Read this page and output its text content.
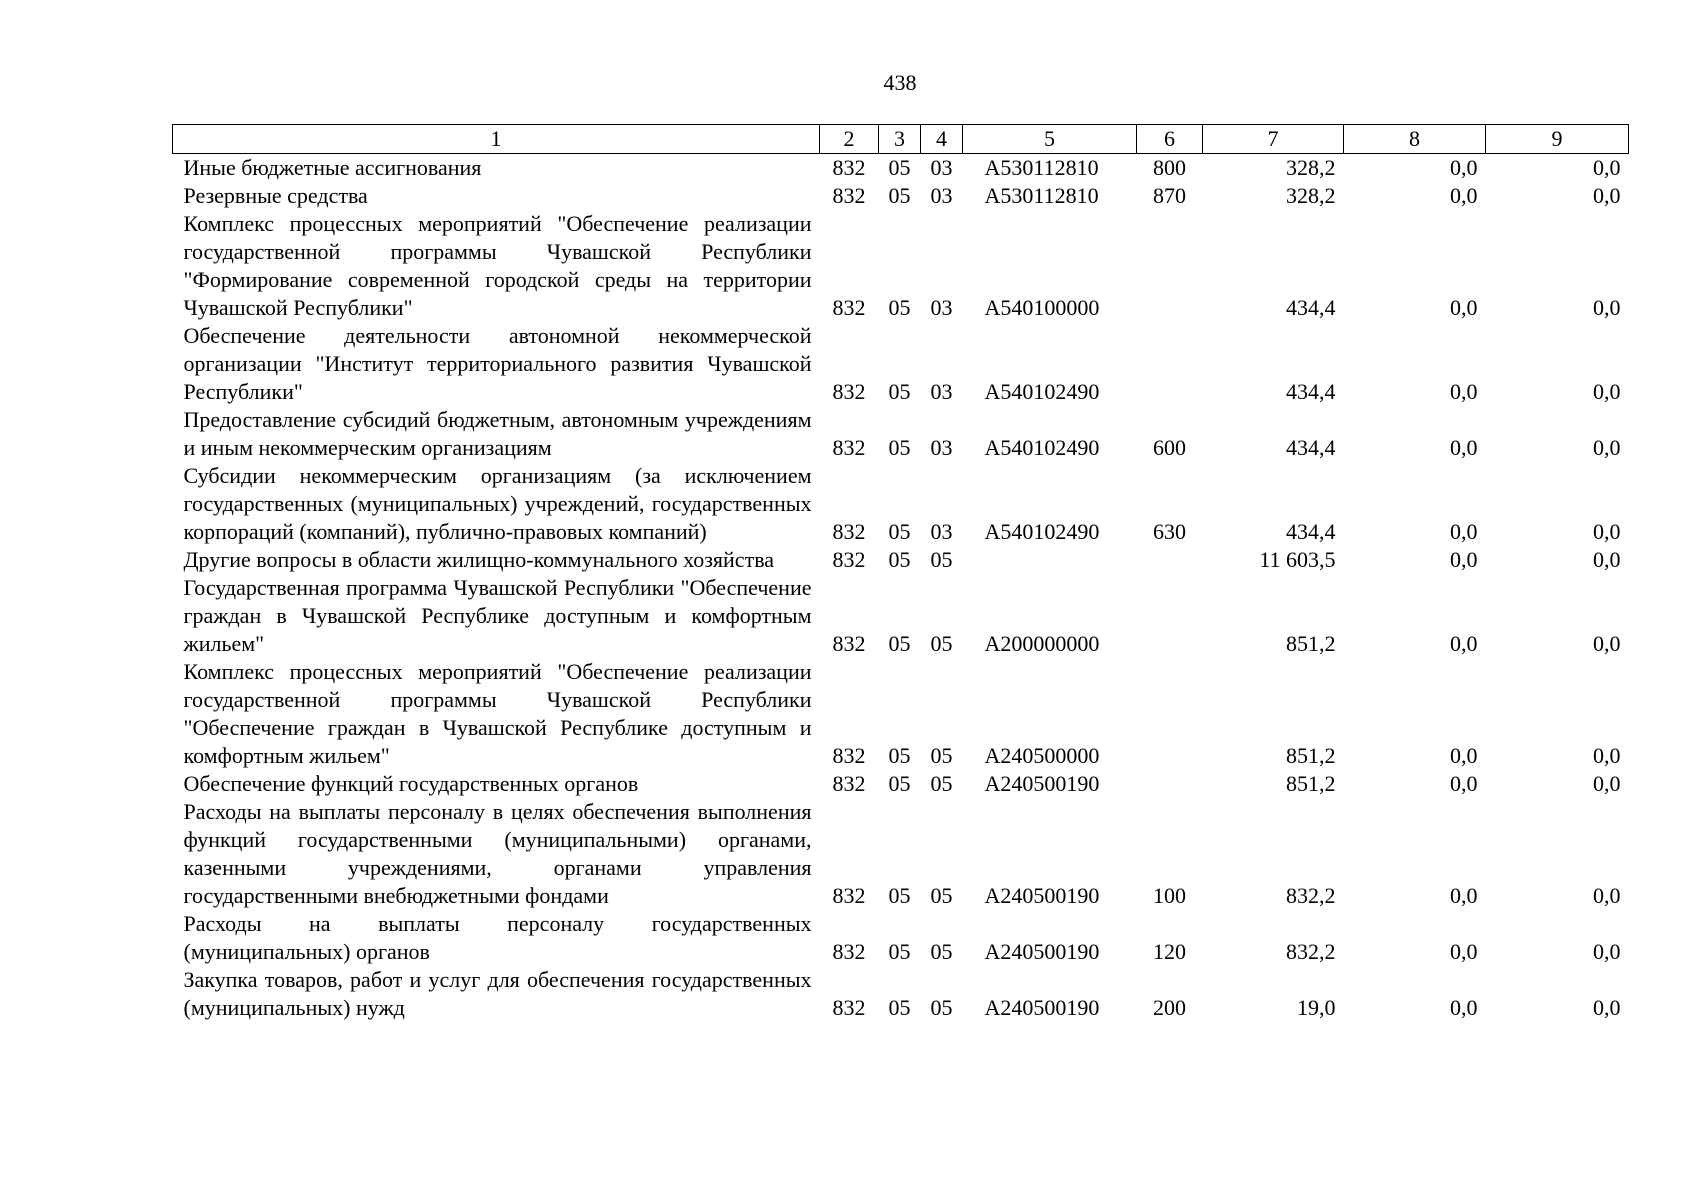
438
1	2	3	4	5	6	7	8	9
Иные бюджетные ассигнования	832	05	03	А530112810	800	328,2	0,0	0,0
Резервные средства	832	05	03	А530112810	870	328,2	0,0	0,0
Комплекс процессных мероприятий "Обеспечение реализации государственной программы Чувашской Республики "Формирование современной городской среды на территории Чувашской Республики"	832	05	03	А540100000		434,4	0,0	0,0
Обеспечение деятельности автономной некоммерческой организации "Институт территориального развития Чувашской Республики"	832	05	03	А540102490		434,4	0,0	0,0
Предоставление субсидий бюджетным, автономным учреждениям и иным некоммерческим организациям	832	05	03	А540102490	600	434,4	0,0	0,0
Субсидии некоммерческим организациям (за исключением государственных (муниципальных) учреждений, государственных корпораций (компаний), публично-правовых компаний)	832	05	03	А540102490	630	434,4	0,0	0,0
Другие вопросы в области жилищно-коммунального хозяйства	832	05	05			11 603,5	0,0	0,0
Государственная программа Чувашской Республики "Обеспечение граждан в Чувашской Республике доступным и комфортным жильем"	832	05	05	А200000000		851,2	0,0	0,0
Комплекс процессных мероприятий "Обеспечение реализации государственной программы Чувашской Республики "Обеспечение граждан в Чувашской Республике доступным и комфортным жильем"	832	05	05	А240500000		851,2	0,0	0,0
Обеспечение функций государственных органов	832	05	05	А240500190		851,2	0,0	0,0
Расходы на выплаты персоналу в целях обеспечения выполнения функций государственными (муниципальными) органами, казенными учреждениями, органами управления государственными внебюджетными фондами	832	05	05	А240500190	100	832,2	0,0	0,0
Расходы на выплаты персоналу государственных (муниципальных) органов	832	05	05	А240500190	120	832,2	0,0	0,0
Закупка товаров, работ и услуг для обеспечения государственных (муниципальных) нужд	832	05	05	А240500190	200	19,0	0,0	0,0
